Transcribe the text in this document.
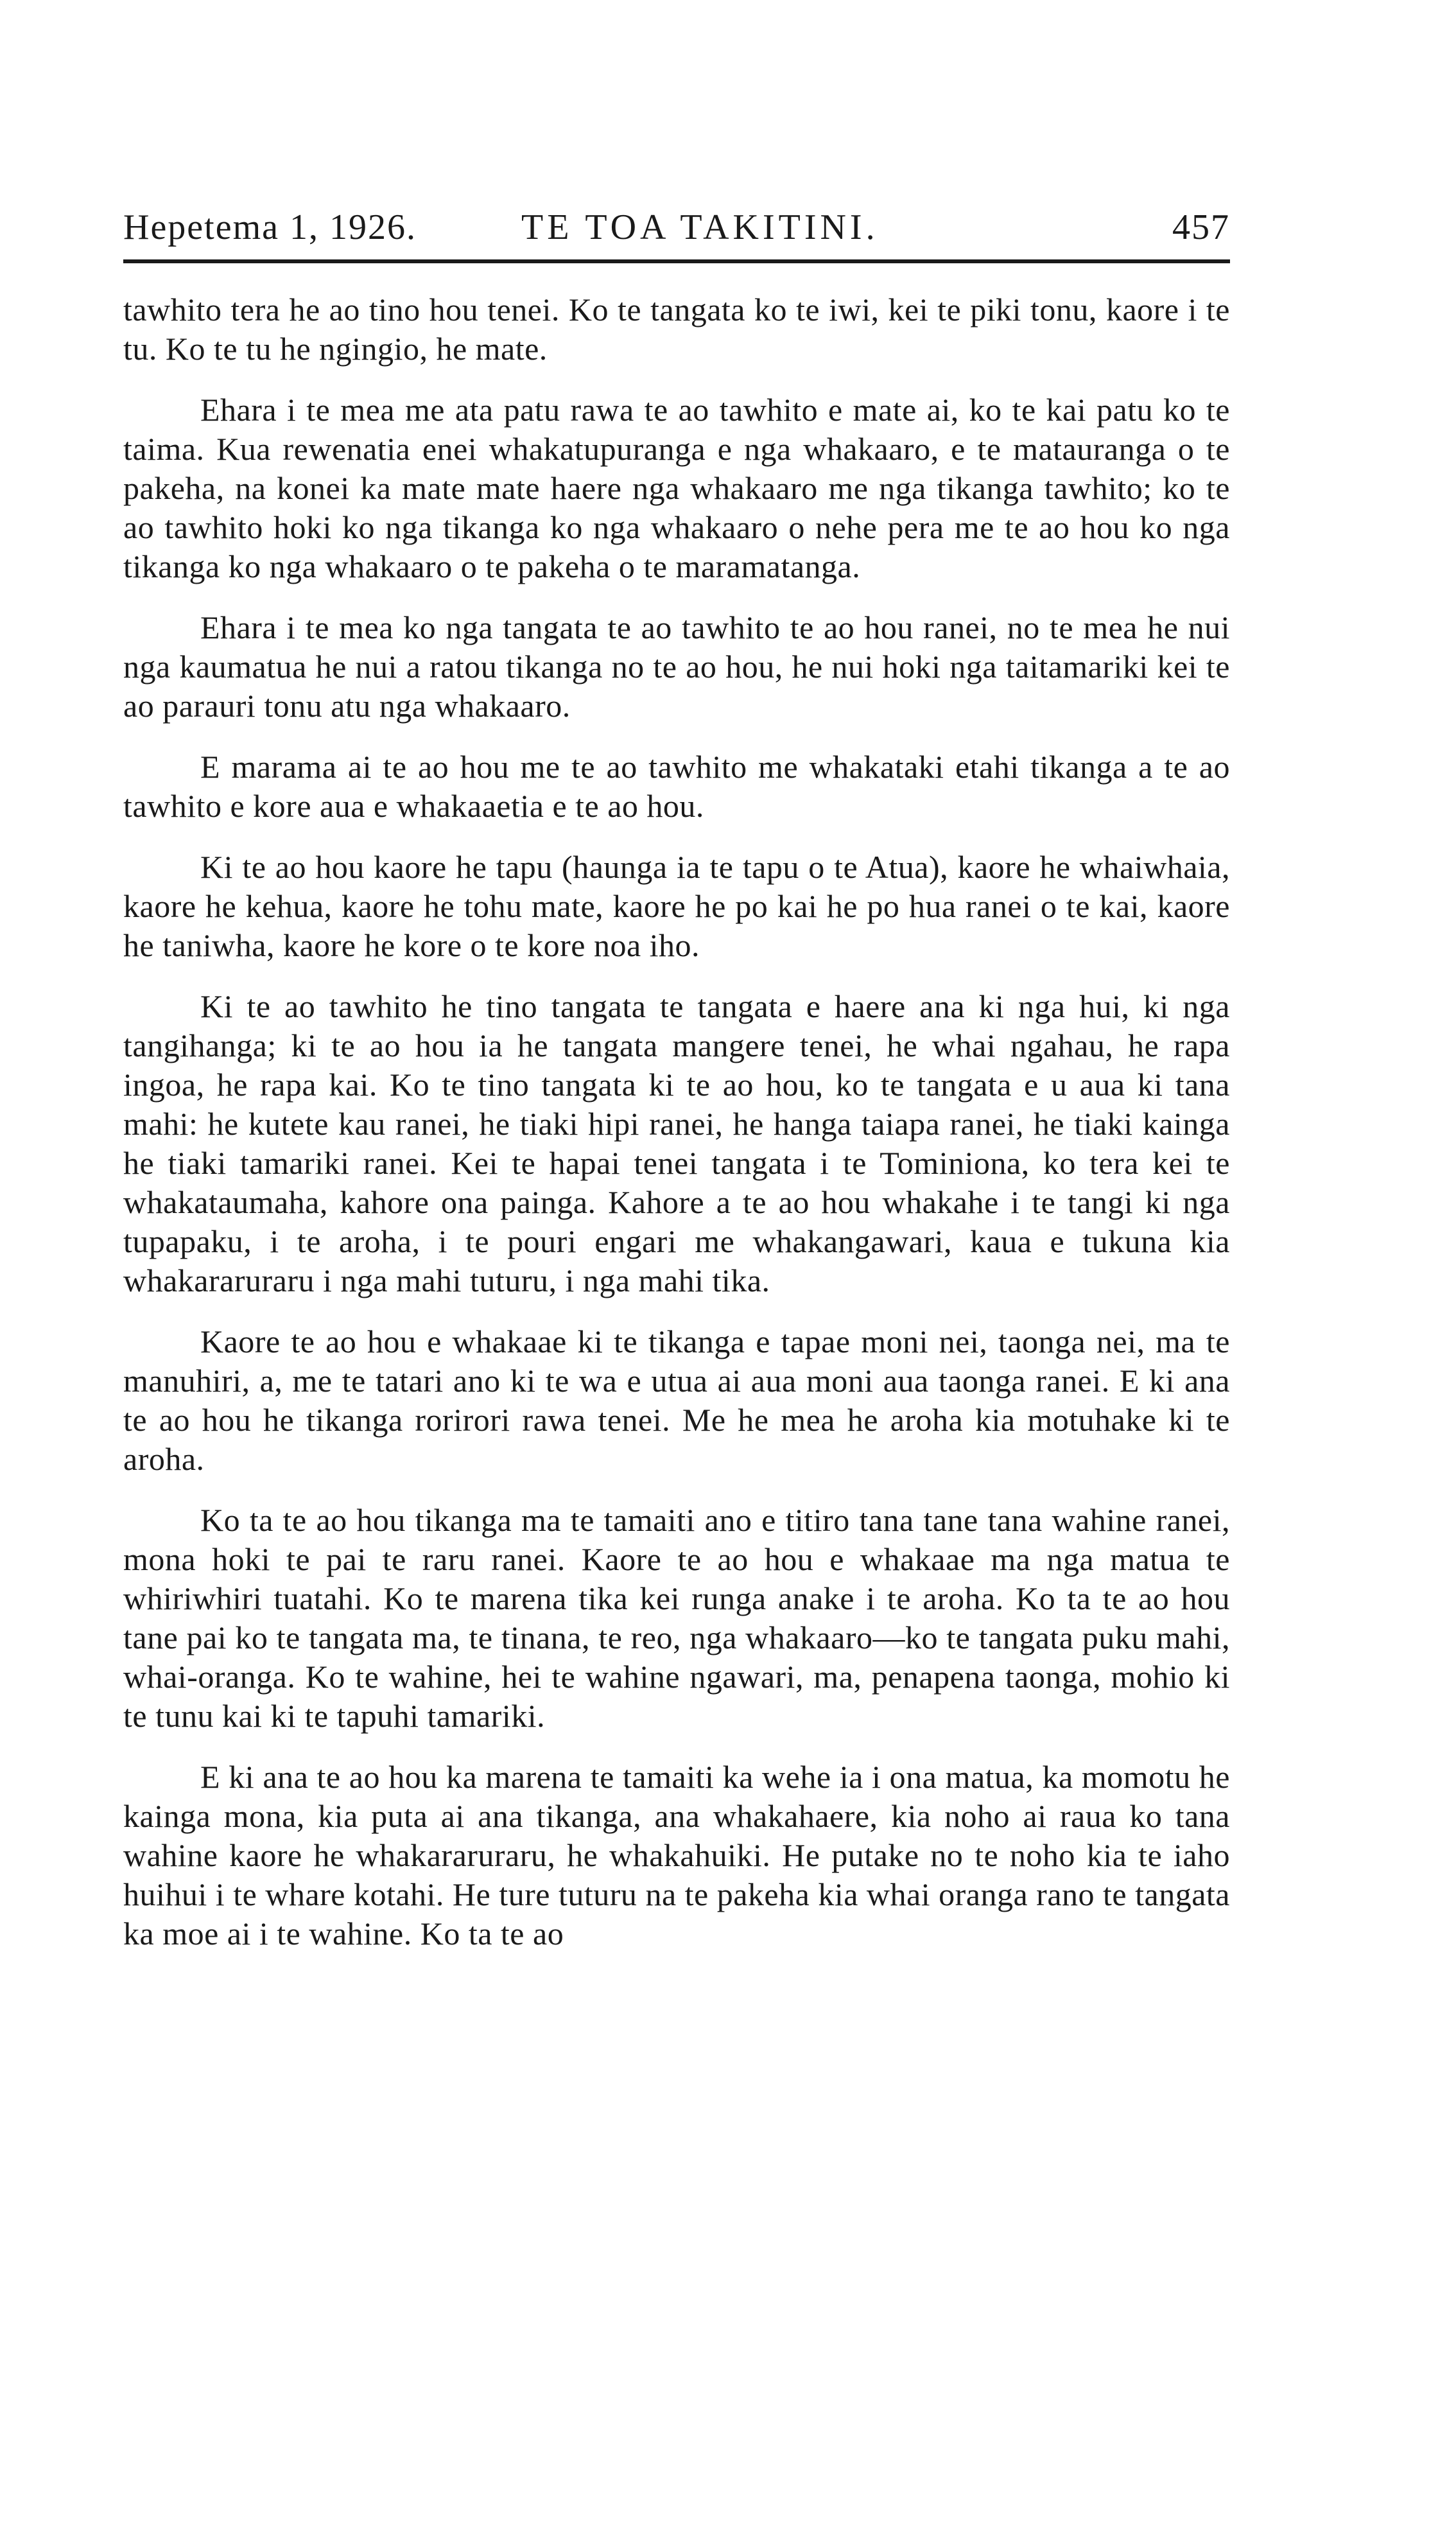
Hepetema 1, 1926.	TE TOA TAKITINI.	457

tawhito tera he ao tino hou tenei. Ko te tangata ko te iwi, kei te piki tonu, kaore i te tu. Ko te tu he ngingio, he mate.

Ehara i te mea me ata patu rawa te ao tawhito e mate ai, ko te kai patu ko te taima. Kua rewenatia enei whakatupuranga e nga whakaaro, e te matauranga o te pakeha, na konei ka mate mate haere nga whakaaro me nga tikanga tawhito; ko te ao tawhito hoki ko nga tikanga ko nga whakaaro o nehe pera me te ao hou ko nga tikanga ko nga whakaaro o te pakeha o te maramatanga.

Ehara i te mea ko nga tangata te ao tawhito te ao hou ranei, no te mea he nui nga kaumatua he nui a ratou tikanga no te ao hou, he nui hoki nga taitamariki kei te ao parauri tonu atu nga whakaaro.

E marama ai te ao hou me te ao tawhito me whakataki etahi tikanga a te ao tawhito e kore aua e whakaaetia e te ao hou.

Ki te ao hou kaore he tapu (haunga ia te tapu o te Atua), kaore he whaiwhaia, kaore he kehua, kaore he tohu mate, kaore he po kai he po hua ranei o te kai, kaore he taniwha, kaore he kore o te kore noa iho.

Ki te ao tawhito he tino tangata te tangata e haere ana ki nga hui, ki nga tangihanga; ki te ao hou ia he tangata mangere tenei, he whai ngahau, he rapa ingoa, he rapa kai. Ko te tino tangata ki te ao hou, ko te tangata e u aua ki tana mahi: he kutete kau ranei, he tiaki hipi ranei, he hanga taiapa ranei, he tiaki kainga he tiaki tamariki ranei. Kei te hapai tenei tangata i te Tominiona, ko tera kei te whakataumaha, kahore ona painga. Kahore a te ao hou whakahe i te tangi ki nga tupapaku, i te aroha, i te pouri engari me whakangawari, kaua e tukuna kia whakararuraru i nga mahi tuturu, i nga mahi tika.

Kaore te ao hou e whakaae ki te tikanga e tapae moni nei, taonga nei, ma te manuhiri, a, me te tatari ano ki te wa e utua ai aua moni aua taonga ranei. E ki ana te ao hou he tikanga rorirori rawa tenei. Me he mea he aroha kia motuhake ki te aroha.

Ko ta te ao hou tikanga ma te tamaiti ano e titiro tana tane tana wahine ranei, mona hoki te pai te raru ranei. Kaore te ao hou e whakaae ma nga matua te whiriwhiri tuatahi. Ko te marena tika kei runga anake i te aroha. Ko ta te ao hou tane pai ko te tangata ma, te tinana, te reo, nga whakaaro—ko te tangata puku mahi, whai-oranga. Ko te wahine, hei te wahine ngawari, ma, penapena taonga, mohio ki te tunu kai ki te tapuhi tamariki.

E ki ana te ao hou ka marena te tamaiti ka wehe ia i ona matua, ka momotu he kainga mona, kia puta ai ana tikanga, ana whakahaere, kia noho ai raua ko tana wahine kaore he whakararuraru, he whakahuiki. He putake no te noho kia te iaho huihui i te whare kotahi. He ture tuturu na te pakeha kia whai oranga rano te tangata ka moe ai i te wahine. Ko ta te ao
